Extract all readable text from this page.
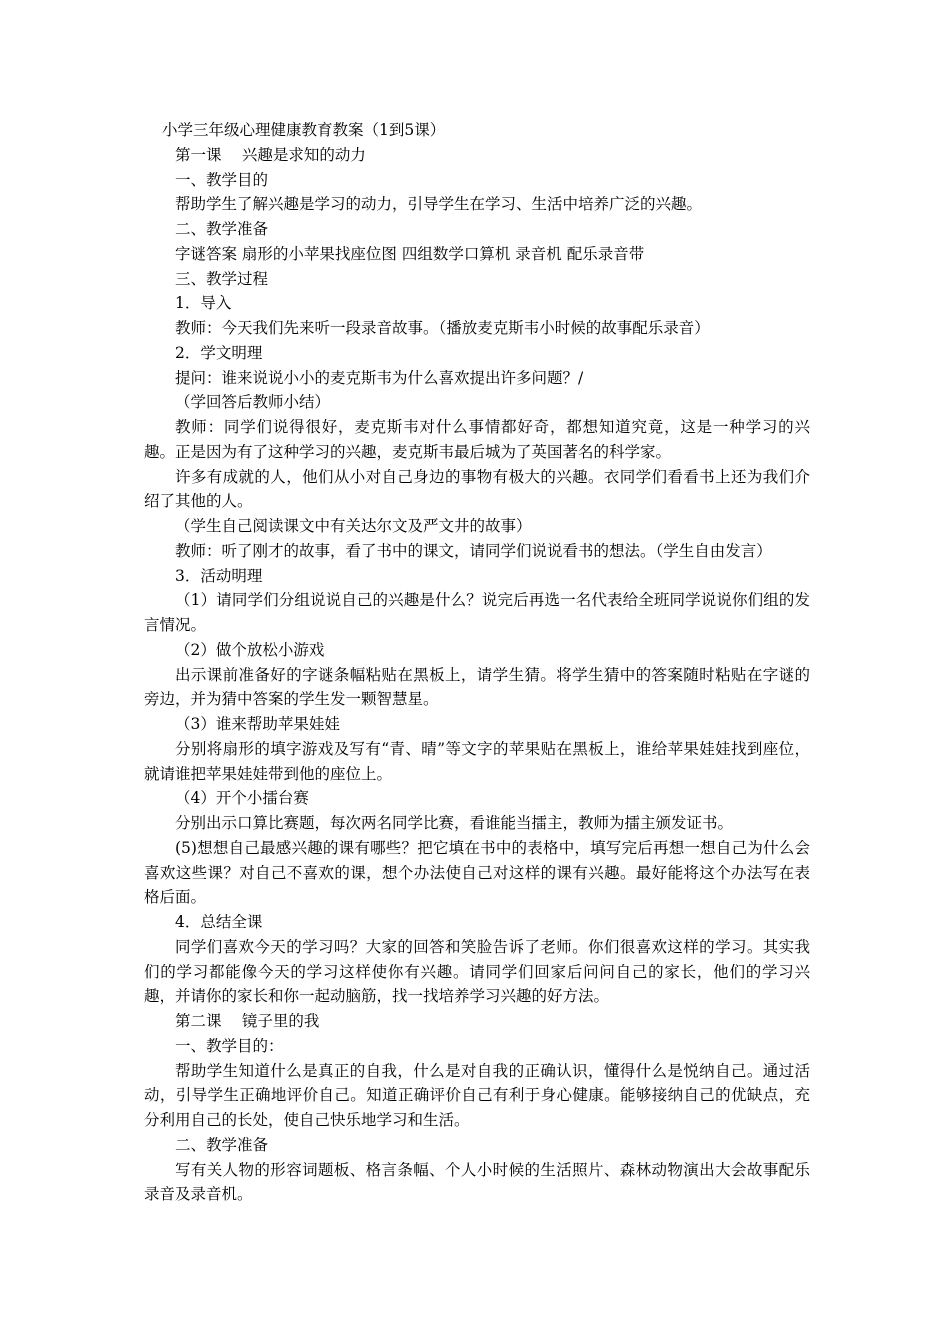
小学三年级心理健康教育教案（1到5课）

第一课　 兴趣是求知的动力

一、教学目的

帮助学生了解兴趣是学习的动力，引导学生在学习、生活中培养广泛的兴趣。

二、教学准备

字谜答案 扇形的小苹果找座位图 四组数学口算机 录音机 配乐录音带

三、教学过程

1．导入

教师：今天我们先来听一段录音故事。（播放麦克斯韦小时候的故事配乐录音）

2．学文明理

提问：谁来说说小小的麦克斯韦为什么喜欢提出许多问题？/

（学回答后教师小结）

教师：同学们说得很好，麦克斯韦对什么事情都好奇，都想知道究竟，这是一种学习的兴趣。正是因为有了这种学习的兴趣，麦克斯韦最后城为了英国著名的科学家。

许多有成就的人，他们从小对自己身边的事物有极大的兴趣。衣同学们看看书上还为我们介绍了其他的人。

（学生自己阅读课文中有关达尔文及严文井的故事）

教师：听了刚才的故事，看了书中的课文，请同学们说说看书的想法。（学生自由发言）

3．活动明理

（1）请同学们分组说说自己的兴趣是什么？说完后再选一名代表给全班同学说说你们组的发言情况。

（2）做个放松小游戏

出示课前准备好的字谜条幅粘贴在黑板上，请学生猜。将学生猜中的答案随时粘贴在字谜的旁边，并为猜中答案的学生发一颗智慧星。

（3）谁来帮助苹果娃娃

分别将扇形的填字游戏及写有“青、晴”等文字的苹果贴在黑板上，谁给苹果娃娃找到座位，就请谁把苹果娃娃带到他的座位上。

（4）开个小擂台赛

分别出示口算比赛题，每次两名同学比赛，看谁能当擂主，教师为擂主颁发证书。

(5)想想自己最感兴趣的课有哪些？把它填在书中的表格中，填写完后再想一想自己为什么会喜欢这些课？对自己不喜欢的课，想个办法使自己对这样的课有兴趣。最好能将这个办法写在表格后面。

4．总结全课

同学们喜欢今天的学习吗？大家的回答和笑脸告诉了老师。你们很喜欢这样的学习。其实我们的学习都能像今天的学习这样使你有兴趣。请同学们回家后问问自己的家长，他们的学习兴趣，并请你的家长和你一起动脑筋，找一找培养学习兴趣的好方法。

第二课　 镜子里的我

一、教学目的：

帮助学生知道什么是真正的自我，什么是对自我的正确认识，懂得什么是悦纳自己。通过活动，引导学生正确地评价自己。知道正确评价自己有利于身心健康。能够接纳自己的优缺点，充分利用自己的长处，使自己快乐地学习和生活。

二、教学准备

写有关人物的形容词题板、格言条幅、个人小时候的生活照片、森林动物演出大会故事配乐录音及录音机。
